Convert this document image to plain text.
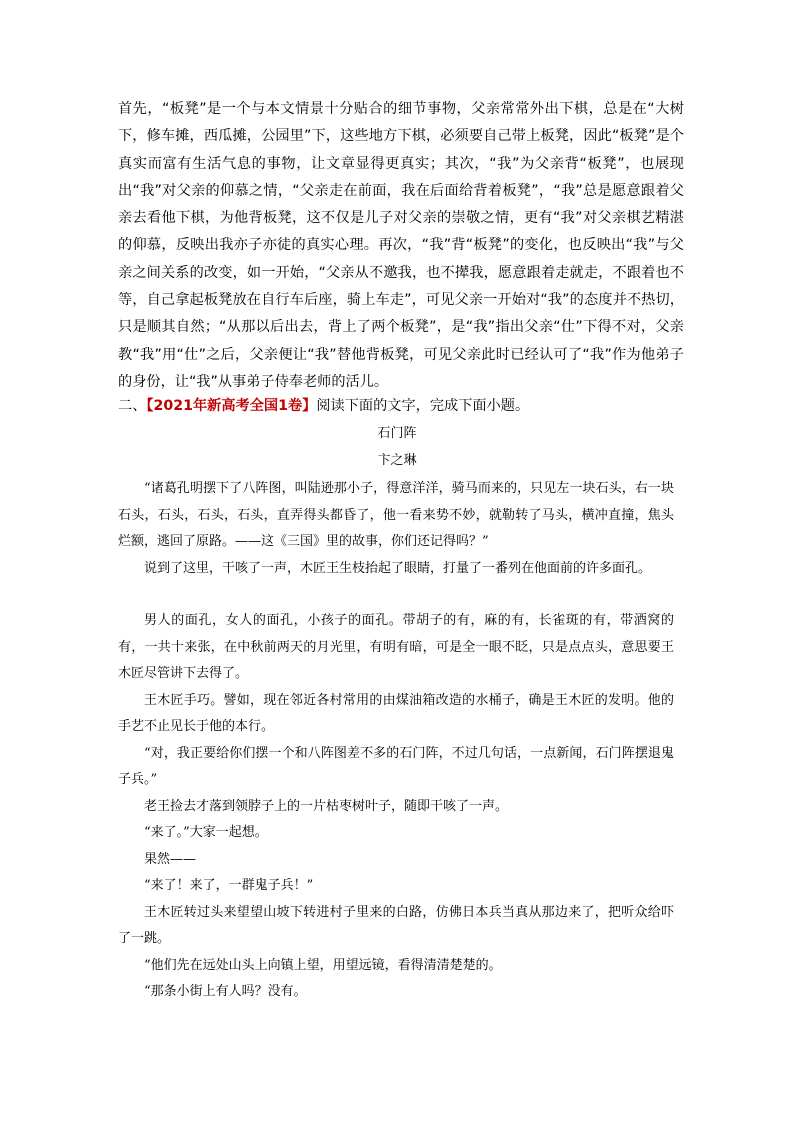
首先，“板凳”是一个与本文情景十分贴合的细节事物，父亲常常外出下棋，总是在“大树下，修车摊，西瓜摊，公园里”下，这些地方下棋，必须要自己带上板凳，因此“板凳”是个真实而富有生活气息的事物，让文章显得更真实；其次，“我”为父亲背“板凳”，也展现出“我”对父亲的仰慕之情，“父亲走在前面，我在后面给背着板凳”，“我”总是愿意跟着父亲去看他下棋，为他背板凳，这不仅是儿子对父亲的崇敬之情，更有“我”对父亲棋艺精湛的仰慕，反映出我亦子亦徒的真实心理。再次，“我”背“板凳”的变化，也反映出“我”与父亲之间关系的改变，如一开始，“父亲从不邀我，也不撵我，愿意跟着走就走，不跟着也不等，自己拿起板凳放在自行车后座，骑上车走”，可见父亲一开始对“我”的态度并不热切，只是顺其自然；“从那以后出去，背上了两个板凳”，是“我”指出父亲“仕”下得不对，父亲教“我”用“仕”之后，父亲便让“我”替他背板凳，可见父亲此时已经认可了“我”作为他弟子的身份，让“我”从事弟子侍奉老师的活儿。

二、【2021年新高考全国1卷】阅读下面的文字，完成下面小题。
石门阵
卞之琳

“诸葛孔明摆下了八阵图，叫陆逊那小子，得意洋洋，骑马而来的，只见左一块石头，右一块石头，石头，石头，石头，直弄得头都昏了，他一看来势不妙，就勒转了马头，横冲直撞，焦头烂额，逃回了原路。——这《三国》里的故事，你们还记得吗？”

说到了这里，干咳了一声，木匠王生枝抬起了眼睛，打量了一番列在他面前的许多面孔。

男人的面孔，女人的面孔，小孩子的面孔。带胡子的有，麻的有，长雀斑的有，带酒窝的有，一共十来张，在中秋前两天的月光里，有明有暗，可是全一眼不眨，只是点点头，意思要王木匠尽管讲下去得了。

王木匠手巧。譬如，现在邻近各村常用的由煤油箱改造的水桶子，确是王木匠的发明。他的手艺不止见长于他的本行。

“对，我正要给你们摆一个和八阵图差不多的石门阵，不过几句话，一点新闻，石门阵摆退鬼子兵。”

老王捡去才落到领脖子上的一片枯枣树叶子，随即干咳了一声。

“来了。”大家一起想。

果然——

“来了！来了，一群鬼子兵！”

王木匠转过头来望望山坡下转进村子里来的白路，仿佛日本兵当真从那边来了，把听众给吓了一跳。

“他们先在远处山头上向镇上望，用望远镜，看得清清楚楚的。

“那条小街上有人吗？没有。
